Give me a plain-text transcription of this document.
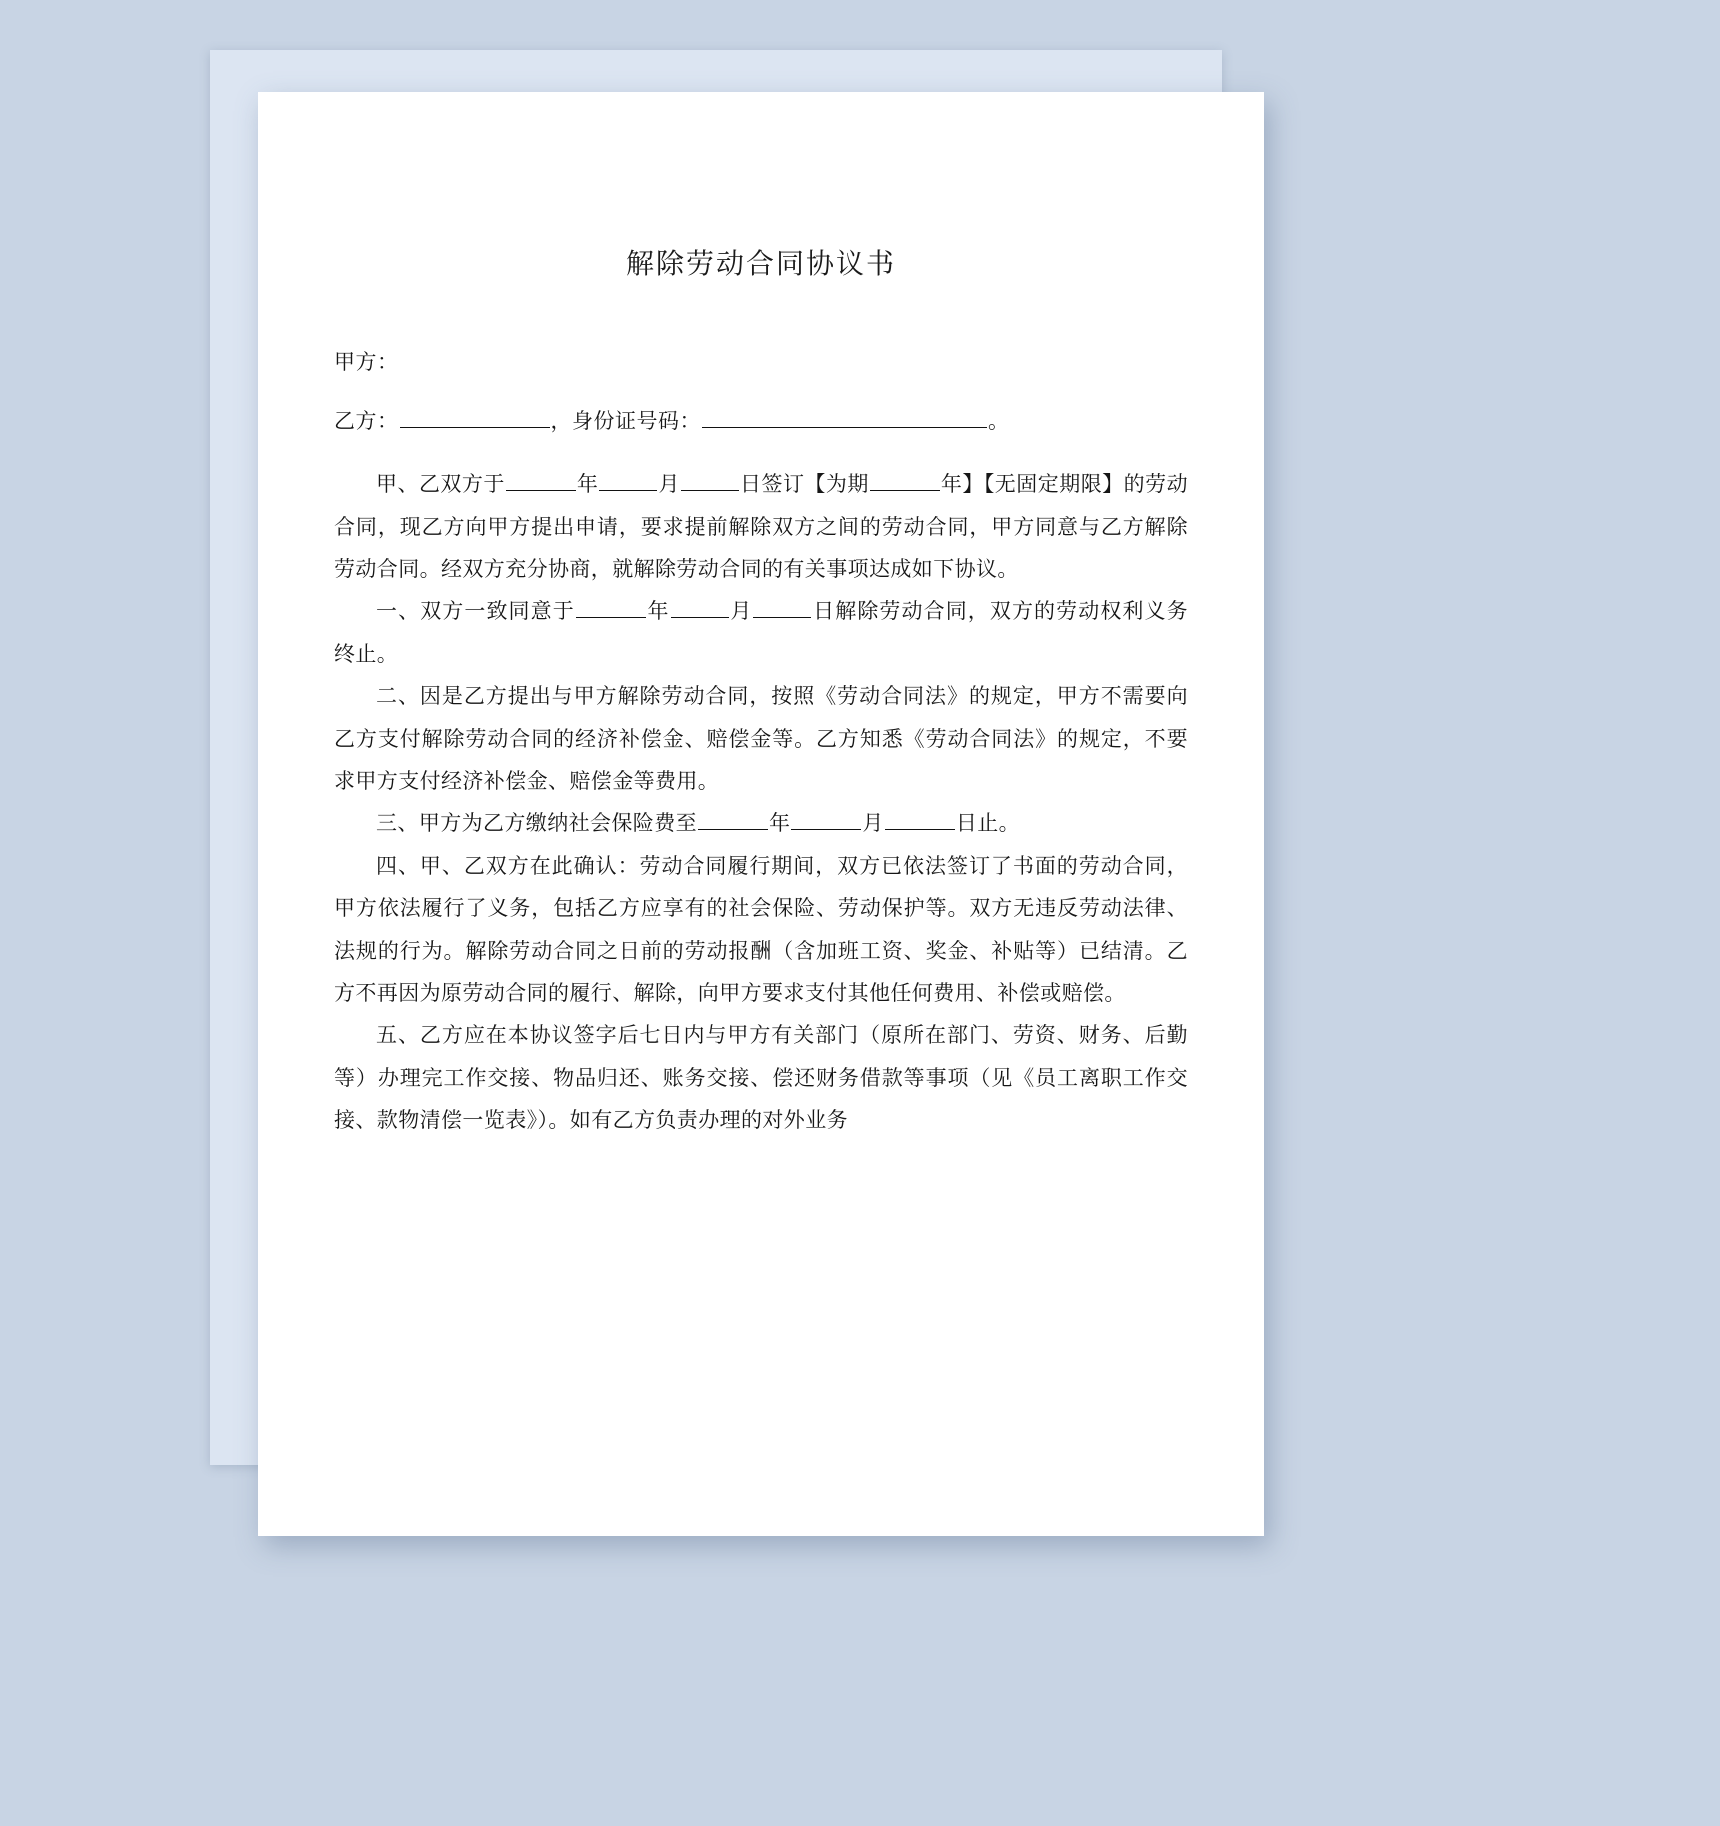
解除劳动合同协议书

甲方：

乙方：	，身份证号码：	。

甲、乙双方于	年	月	日签订【为期	年】【无固定期限】的劳动合同，现乙方向甲方提出申请，要求提前解除双方之间的劳动合同，甲方同意与乙方解除劳动合同。经双方充分协商，就解除劳动合同的有关事项达成如下协议。

一、双方一致同意于	年	月	日解除劳动合同，双方的劳动权利义务终止。

二、因是乙方提出与甲方解除劳动合同，按照《劳动合同法》的规定，甲方不需要向乙方支付解除劳动合同的经济补偿金、赔偿金等。乙方知悉《劳动合同法》的规定，不要求甲方支付经济补偿金、赔偿金等费用。

三、甲方为乙方缴纳社会保险费至	年	月	日止。

四、甲、乙双方在此确认：劳动合同履行期间，双方已依法签订了书面的劳动合同，甲方依法履行了义务，包括乙方应享有的社会保险、劳动保护等。双方无违反劳动法律、法规的行为。解除劳动合同之日前的劳动报酬（含加班工资、奖金、补贴等）已结清。乙方不再因为原劳动合同的履行、解除，向甲方要求支付其他任何费用、补偿或赔偿。

五、乙方应在本协议签字后七日内与甲方有关部门（原所在部门、劳资、财务、后勤等）办理完工作交接、物品归还、账务交接、偿还财务借款等事项（见《员工离职工作交接、款物清偿一览表》）。如有乙方负责办理的对外业务
